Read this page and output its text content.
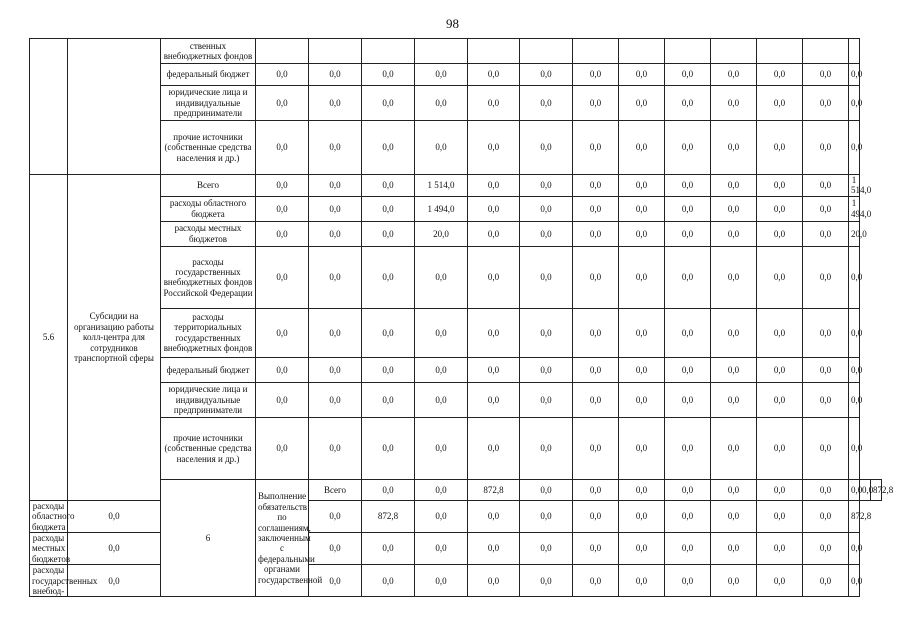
98
		ственных внебюджетных фондов															
		федеральный бюджет	0,0	0,0	0,0	0,0	0,0	0,0	0,0	0,0	0,0	0,0	0,0	0,0	0,0		
		юридические лица и индивидуальные предприниматели	0,0	0,0	0,0	0,0	0,0	0,0	0,0	0,0	0,0	0,0	0,0	0,0	0,0		
		прочие источники (собственные средства населения и др.)	0,0	0,0	0,0	0,0	0,0	0,0	0,0	0,0	0,0	0,0	0,0	0,0	0,0		
5.6	Субсидии на организацию работы колл-центра для сотрудников транспортной сферы	Всего	0,0	0,0	0,0	1 514,0	0,0	0,0	0,0	0,0	0,0	0,0	0,0	0,0	1 514,0		
		расходы областного бюджета	0,0	0,0	0,0	1 494,0	0,0	0,0	0,0	0,0	0,0	0,0	0,0	0,0	1 494,0		
		расходы местных бюджетов	0,0	0,0	0,0	20,0	0,0	0,0	0,0	0,0	0,0	0,0	0,0	0,0	20,0		
		расходы государственных внебюджетных фондов Российской Федерации	0,0	0,0	0,0	0,0	0,0	0,0	0,0	0,0	0,0	0,0	0,0	0,0	0,0		
		расходы территориальных государственных внебюджетных фондов	0,0	0,0	0,0	0,0	0,0	0,0	0,0	0,0	0,0	0,0	0,0	0,0	0,0		
		федеральный бюджет	0,0	0,0	0,0	0,0	0,0	0,0	0,0	0,0	0,0	0,0	0,0	0,0	0,0		
		юридические лица и индивидуальные предприниматели	0,0	0,0	0,0	0,0	0,0	0,0	0,0	0,0	0,0	0,0	0,0	0,0	0,0		
		прочие источники (собственные средства населения и др.)	0,0	0,0	0,0	0,0	0,0	0,0	0,0	0,0	0,0	0,0	0,0	0,0	0,0		
		6	Выполнение обязательств по соглашениям, заключенным с федеральными органами государственной	Всего	0,0	0,0	872,8	0,0	0,0	0,0	0,0	0,0	0,0	0,0	0,0	0,0	872,8
расходы областного бюджета	0,0			0,0	872,8	0,0	0,0	0,0	0,0	0,0	0,0	0,0	0,0	0,0	872,8		
расходы местных бюджетов	0,0			0,0	0,0	0,0	0,0	0,0	0,0	0,0	0,0	0,0	0,0	0,0	0,0		
расходы государственных внебюд-	0,0			0,0	0,0	0,0	0,0	0,0	0,0	0,0	0,0	0,0	0,0	0,0	0,0		
